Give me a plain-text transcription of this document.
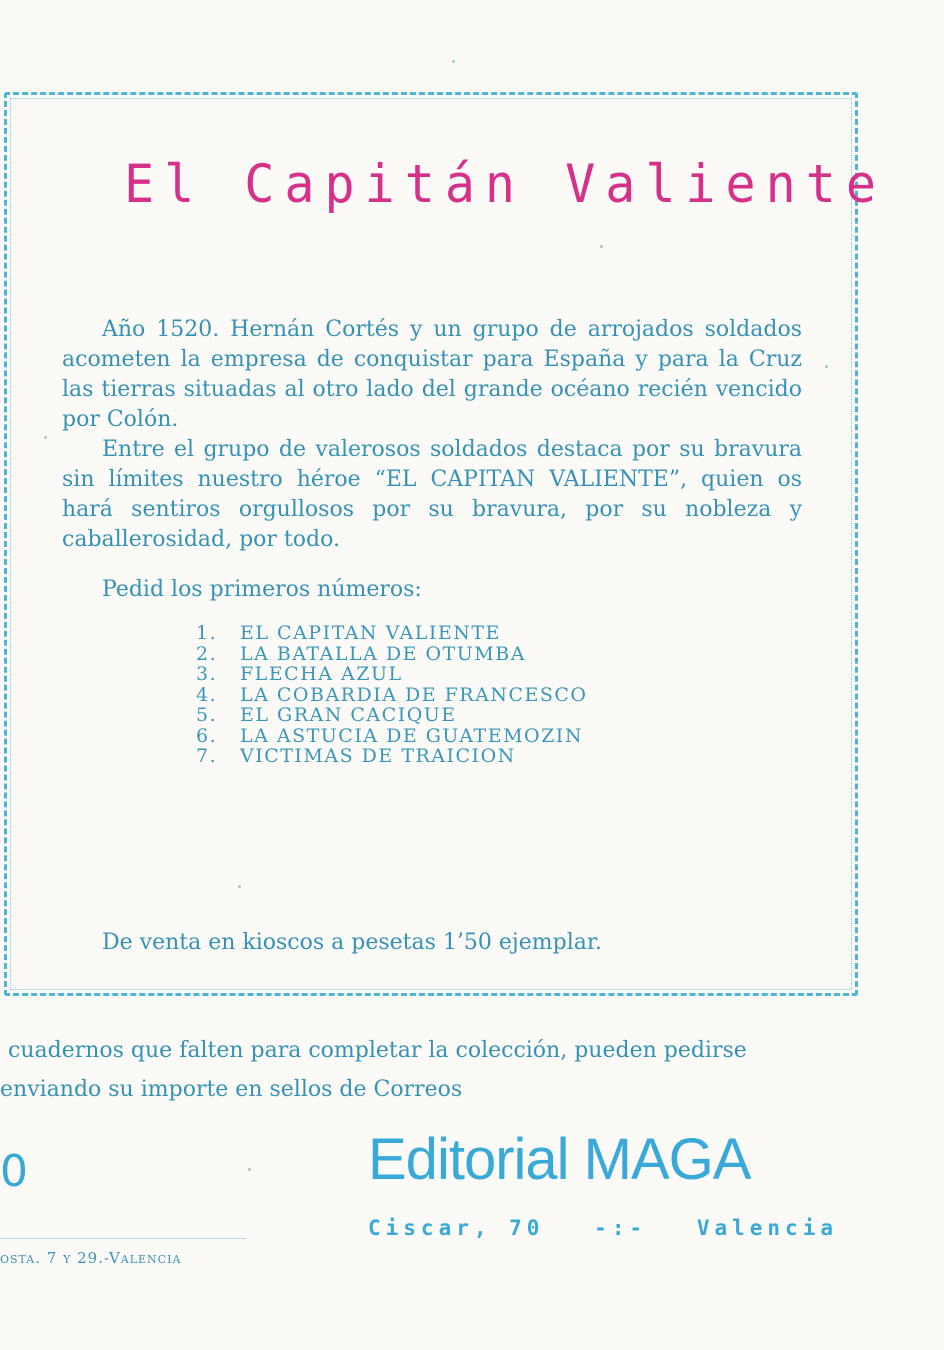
El Capitán Valiente

Año 1520. Hernán Cortés y un grupo de arrojados soldados acometen la empresa de conquistar para España y para la Cruz las tierras situadas al otro lado del grande océano recién vencido por Colón.

Entre el grupo de valerosos soldados destaca por su bravura sin límites nuestro héroe “EL CAPITAN VALIENTE”, quien os hará sentiros orgullosos por su bravura, por su nobleza y caballerosidad, por todo.

Pedid los primeros números:

1. EL CAPITAN VALIENTE
2. LA BATALLA DE OTUMBA
3. FLECHA AZUL
4. LA COBARDIA DE FRANCESCO
5. EL GRAN CACIQUE
6. LA ASTUCIA DE GUATEMOZIN
7. VICTIMAS DE TRAICION

De venta en kioscos a pesetas 1’50 ejemplar.

cuadernos que falten para completar la colección, pueden pedirse

enviando su importe en sellos de Correos

0
osta. 7 y 29.-Valencia
Editorial MAGA
Ciscar, 70 -:- Valencia
